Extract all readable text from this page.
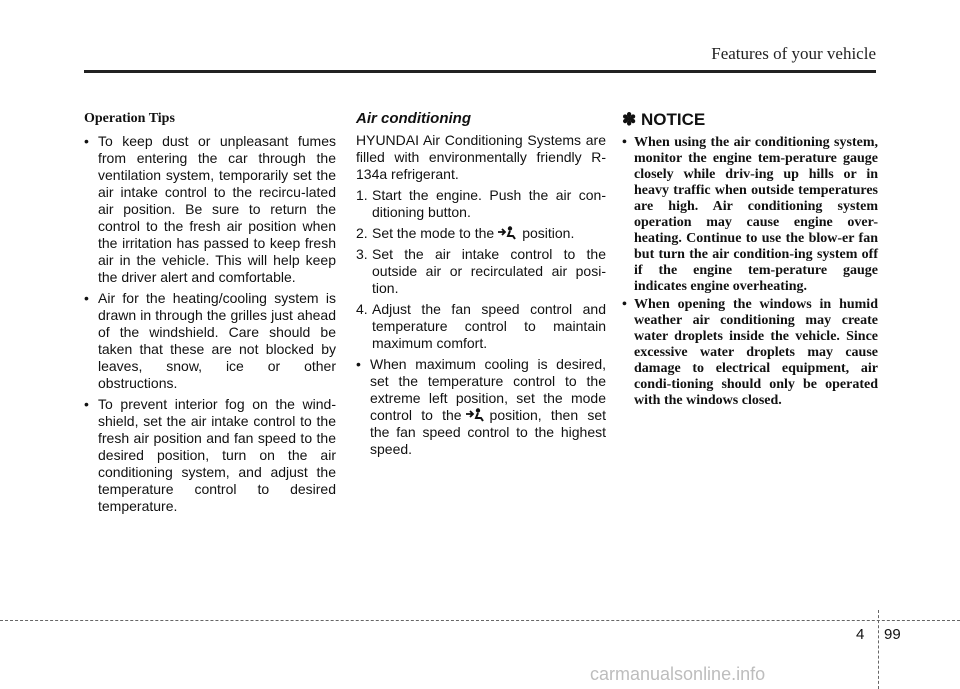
Features of your vehicle
Operation Tips
• To keep dust or unpleasant fumes from entering the car through the ventilation system, temporarily set the air intake control to the recircu-lated air position. Be sure to return the control to the fresh air position when the irritation has passed to keep fresh air in the vehicle. This will help keep the driver alert and comfortable.
• Air for the heating/cooling system is drawn in through the grilles just ahead of the windshield. Care should be taken that these are not blocked by leaves, snow, ice or other obstructions.
• To prevent interior fog on the wind-shield, set the air intake control to the fresh air position and fan speed to the desired position, turn on the air conditioning system, and adjust the temperature control to desired temperature.
Air conditioning

HYUNDAI Air Conditioning Systems are filled with environmentally friendly R-134a refrigerant.

1. Start the engine. Push the air con-ditioning button.
2. Set the mode to the position.
3. Set the air intake control to the outside air or recirculated air posi-tion.
4. Adjust the fan speed control and temperature control to maintain maximum comfort.
• When maximum cooling is desired, set the temperature control to the extreme left position, set the mode control to the position, then set the fan speed control to the highest speed.
✽ NOTICE
• When using the air conditioning system, monitor the engine tem-perature gauge closely while driv-ing up hills or in heavy traffic when outside temperatures are high. Air conditioning system operation may cause engine over-heating. Continue to use the blow-er fan but turn the air condition-ing system off if the engine tem-perature gauge indicates engine overheating.
• When opening the windows in humid weather air conditioning may create water droplets inside the vehicle. Since excessive water droplets may cause damage to electrical equipment, air condi-tioning should only be operated with the windows closed.
4 99
carmanualsonline.info
